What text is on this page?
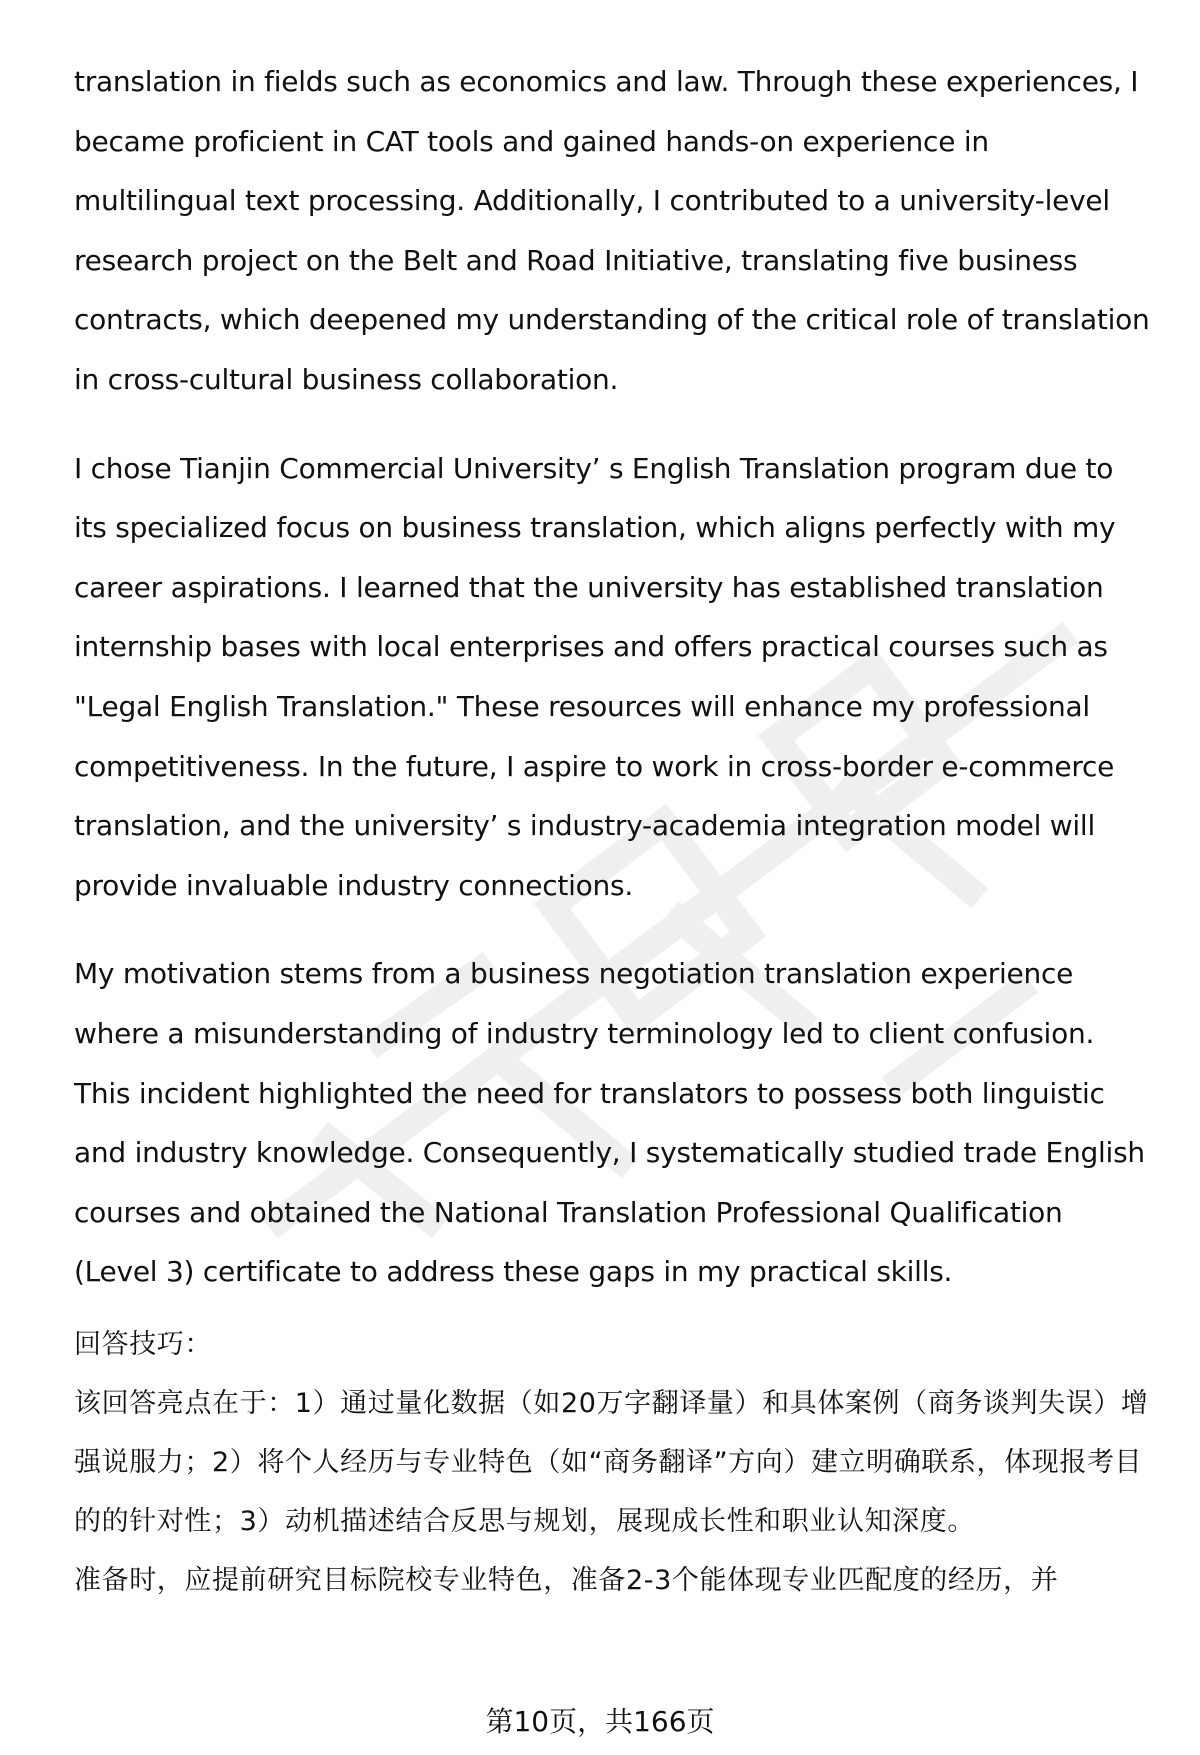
translation in fields such as economics and law. Through these experiences, I became proficient in CAT tools and gained hands-on experience in multilingual text processing. Additionally, I contributed to a university-level research project on the Belt and Road Initiative, translating five business contracts, which deepened my understanding of the critical role of translation in cross-cultural business collaboration.

I chose Tianjin Commercial University’ s English Translation program due to its specialized focus on business translation, which aligns perfectly with my career aspirations. I learned that the university has established translation internship bases with local enterprises and offers practical courses such as "Legal English Translation." These resources will enhance my professional competitiveness. In the future, I aspire to work in cross-border e-commerce translation, and the university’ s industry-academia integration model will provide invaluable industry connections.

My motivation stems from a business negotiation translation experience where a misunderstanding of industry terminology led to client confusion. This incident highlighted the need for translators to possess both linguistic and industry knowledge. Consequently, I systematically studied trade English courses and obtained the National Translation Professional Qualification (Level 3) certificate to address these gaps in my practical skills.

回答技巧：

该回答亮点在于：1）通过量化数据（如20万字翻译量）和具体案例（商务谈判失误）增强说服力；2）将个人经历与专业特色（如“商务翻译”方向）建立明确联系，体现报考目的的针对性；3）动机描述结合反思与规划，展现成长性和职业认知深度。

准备时，应提前研究目标院校专业特色，准备2-3个能体现专业匹配度的经历，并

第10页，共166页
